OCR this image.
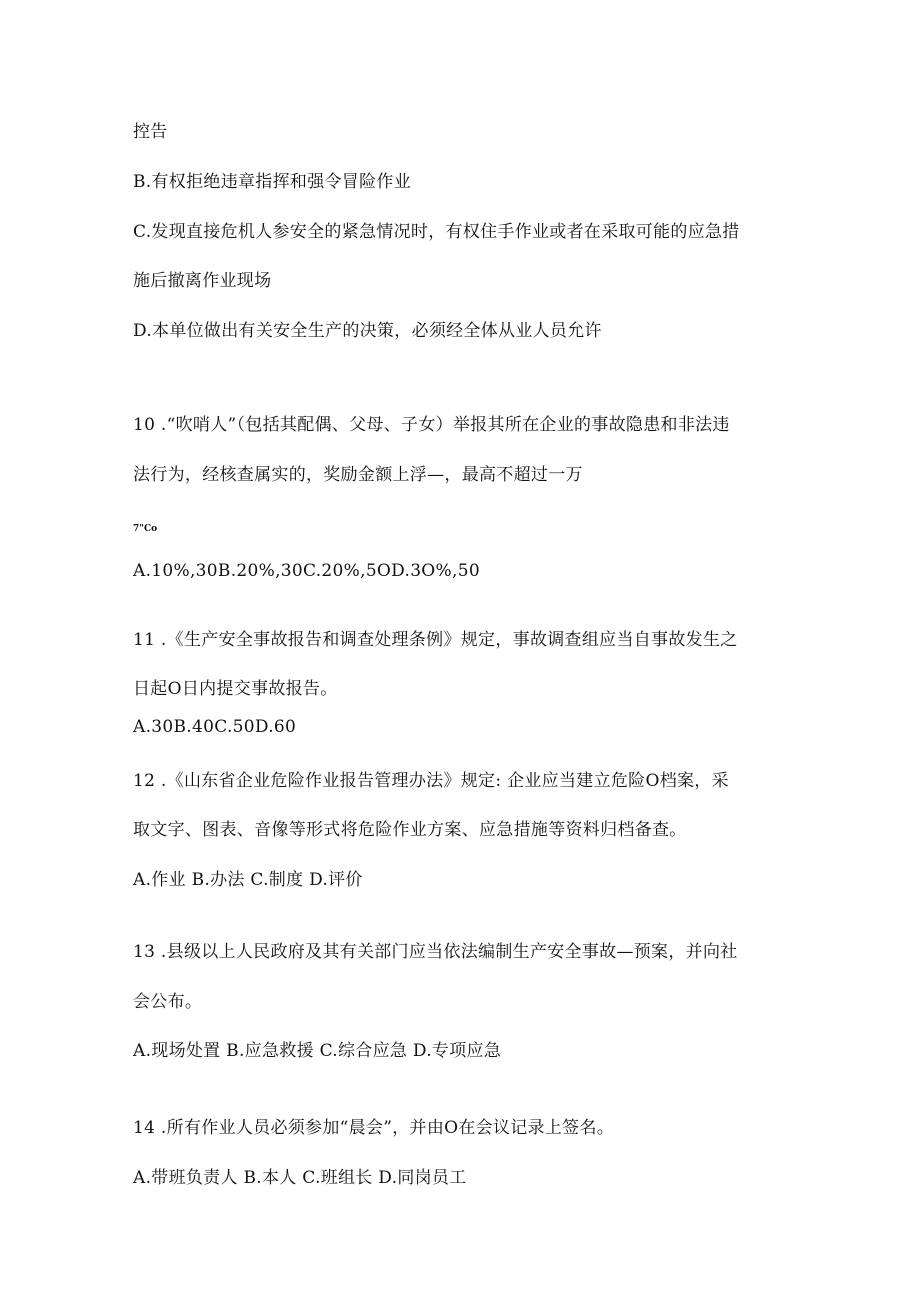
控告
B.有权拒绝违章指挥和强令冒险作业
C.发现直接危机人参安全的紧急情况时，有权住手作业或者在采取可能的应急措
施后撤离作业现场
D.本单位做出有关安全生产的决策，必须经全体从业人员允许
10 .“吹哨人”（包括其配偶、父母、子女）举报其所在企业的事故隐患和非法违
法行为，经核查属实的，奖励金额上浮—，最高不超过一万
7"Co
A.10%,30B.20%,30C.20%,5OD.3O%,50
11 .《生产安全事故报告和调查处理条例》规定，事故调查组应当自事故发生之
日起O日内提交事故报告。
A.30B.40C.50D.60
12 .《山东省企业危险作业报告管理办法》规定: 企业应当建立危险O档案，采
取文字、图表、音像等形式将危险作业方案、应急措施等资料归档备查。
A.作业 B.办法 C.制度 D.评价
13 .县级以上人民政府及其有关部门应当依法编制生产安全事故—预案，并向社
会公布。
A.现场处置 B.应急救援 C.综合应急 D.专项应急
14 .所有作业人员必须参加“晨会”，并由O在会议记录上签名。
A.带班负责人 B.本人 C.班组长 D.同岗员工
